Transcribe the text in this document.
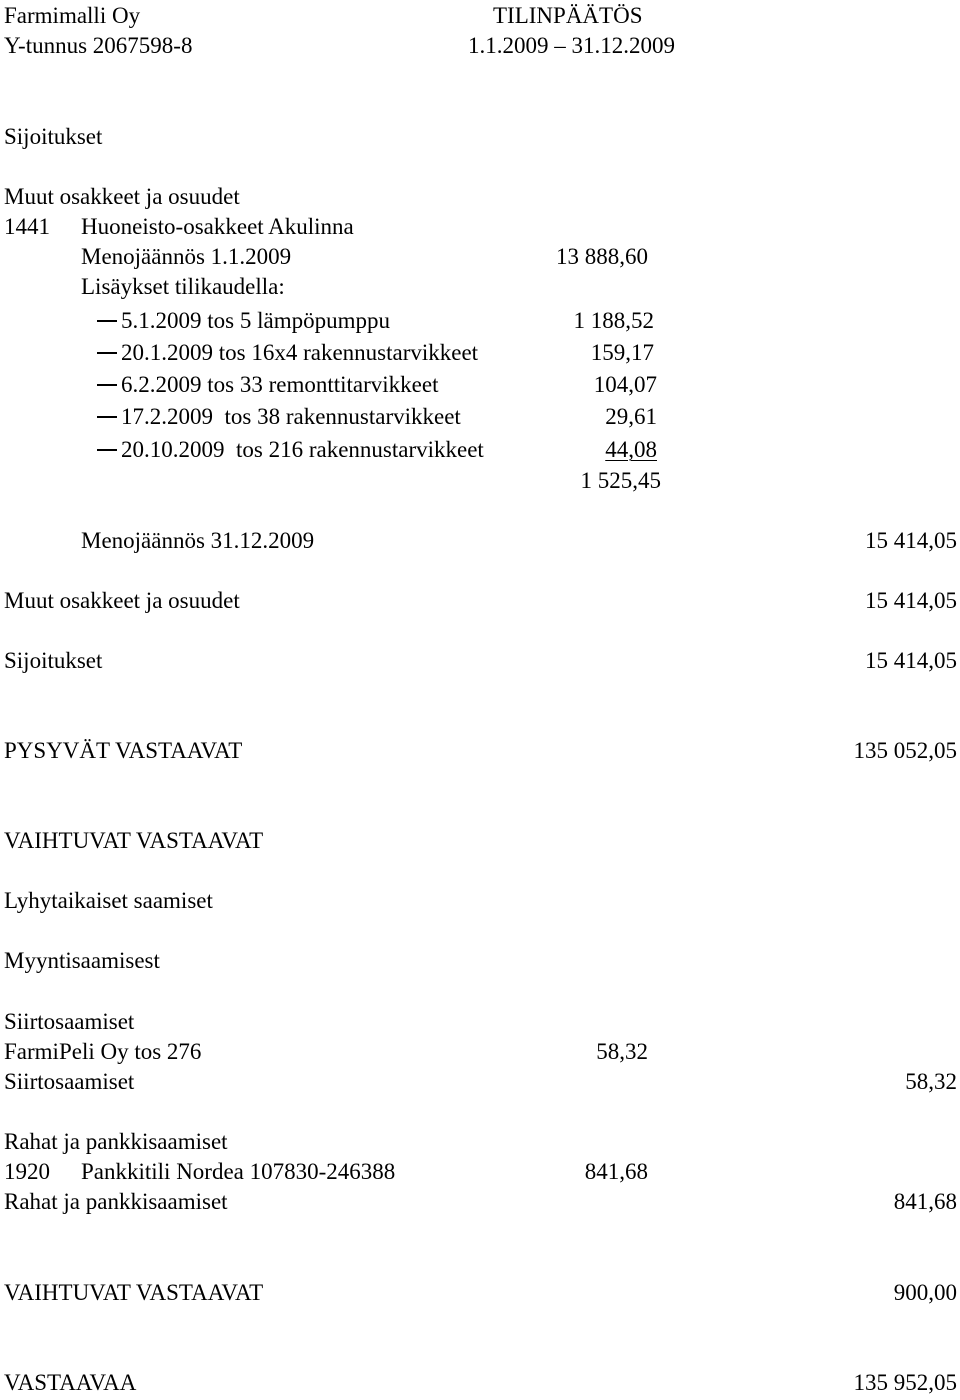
Farmimalli Oy
Y-tunnus 2067598-8
TILINPÄÄTÖS
1.1.2009 – 31.12.2009
Sijoitukset
Muut osakkeet ja osuudet
1441 Huoneisto-osakkeet Akulinna
Menojäännös 1.1.2009	13 888,60
Lisäykset tilikaudella:
5.1.2009 tos 5 lämpöpumppu	1 188,52
20.1.2009 tos 16x4 rakennustarvikkeet	159,17
6.2.2009 tos 33 remonttitarvikkeet	104,07
17.2.2009  tos 38 rakennustarvikkeet	29,61
20.10.2009  tos 216 rakennustarvikkeet	44,08
1 525,45
Menojäännös 31.12.2009	15 414,05
Muut osakkeet ja osuudet	15 414,05
Sijoitukset	15 414,05
PYSYVÄT VASTAAVAT	135 052,05
VAIHTUVAT VASTAAVAT
Lyhytaikaiset saamiset
Myyntisaamisest
Siirtosaamiset
FarmiPeli Oy tos 276	58,32
Siirtosaamiset	58,32
Rahat ja pankkisaamiset
1920 Pankkitili Nordea 107830-246388	841,68
Rahat ja pankkisaamiset	841,68
VAIHTUVAT VASTAAVAT	900,00
VASTAAVAA	135 952,05
